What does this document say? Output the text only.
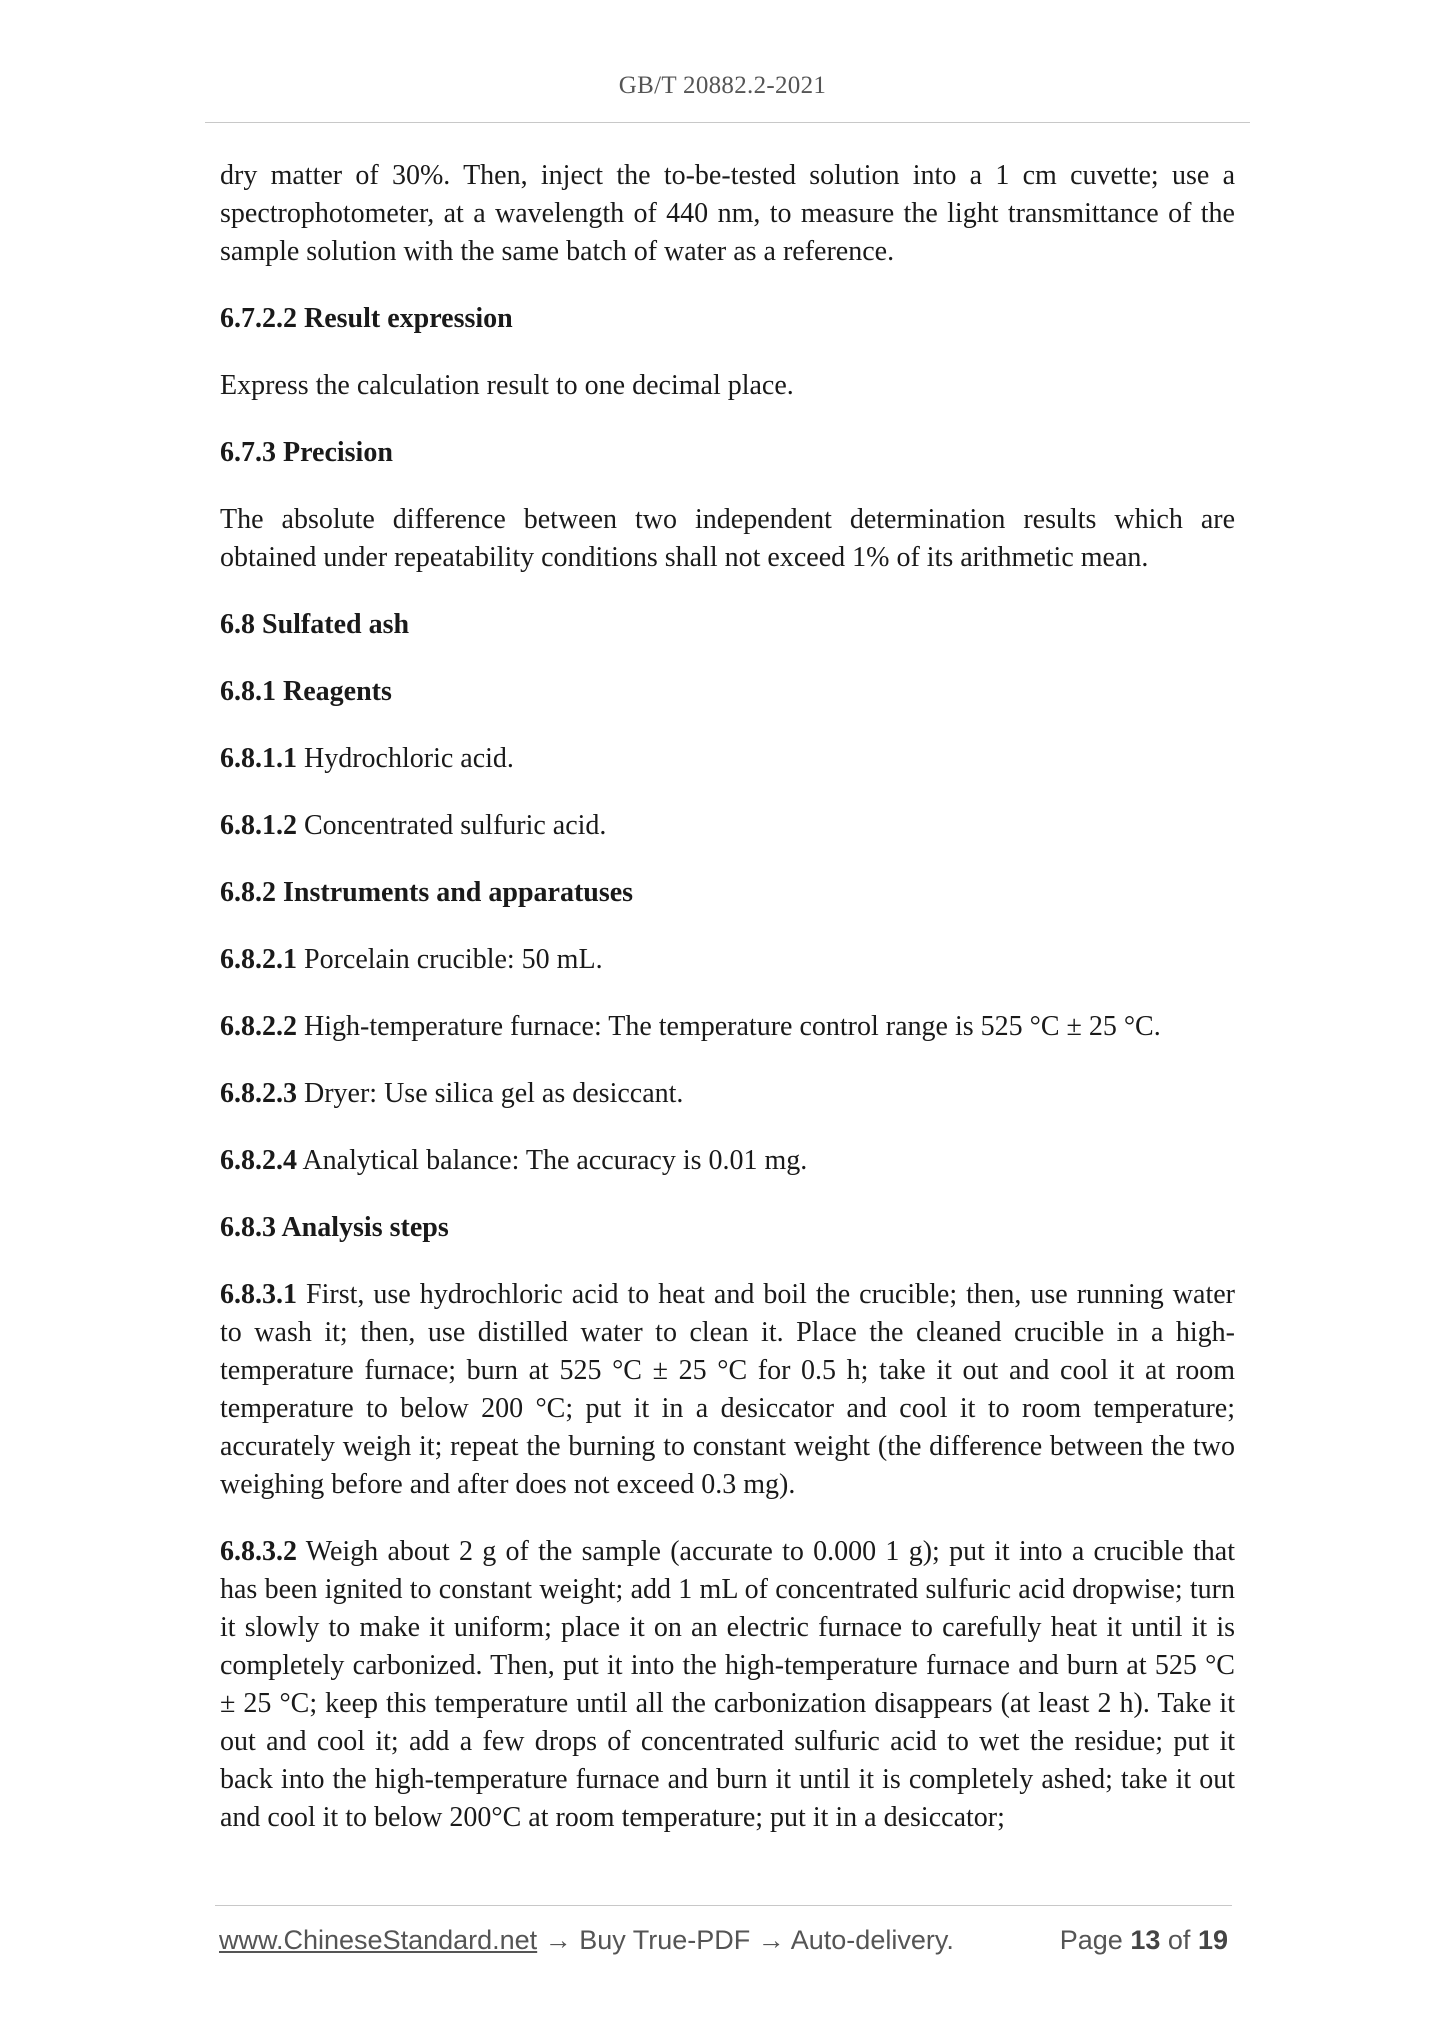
GB/T 20882.2-2021

dry matter of 30%. Then, inject the to-be-tested solution into a 1 cm cuvette; use a spectrophotometer, at a wavelength of 440 nm, to measure the light transmittance of the sample solution with the same batch of water as a reference.

6.7.2.2 Result expression

Express the calculation result to one decimal place.

6.7.3 Precision

The absolute difference between two independent determination results which are obtained under repeatability conditions shall not exceed 1% of its arithmetic mean.

6.8 Sulfated ash

6.8.1 Reagents

6.8.1.1 Hydrochloric acid.

6.8.1.2 Concentrated sulfuric acid.

6.8.2 Instruments and apparatuses

6.8.2.1 Porcelain crucible: 50 mL.

6.8.2.2 High-temperature furnace: The temperature control range is 525 °C ± 25 °C.

6.8.2.3 Dryer: Use silica gel as desiccant.

6.8.2.4 Analytical balance: The accuracy is 0.01 mg.

6.8.3 Analysis steps

6.8.3.1 First, use hydrochloric acid to heat and boil the crucible; then, use running water to wash it; then, use distilled water to clean it. Place the cleaned crucible in a high-temperature furnace; burn at 525 °C ± 25 °C for 0.5 h; take it out and cool it at room temperature to below 200 °C; put it in a desiccator and cool it to room temperature; accurately weigh it; repeat the burning to constant weight (the difference between the two weighing before and after does not exceed 0.3 mg).

6.8.3.2 Weigh about 2 g of the sample (accurate to 0.000 1 g); put it into a crucible that has been ignited to constant weight; add 1 mL of concentrated sulfuric acid dropwise; turn it slowly to make it uniform; place it on an electric furnace to carefully heat it until it is completely carbonized. Then, put it into the high-temperature furnace and burn at 525 °C ± 25 °C; keep this temperature until all the carbonization disappears (at least 2 h). Take it out and cool it; add a few drops of concentrated sulfuric acid to wet the residue; put it back into the high-temperature furnace and burn it until it is completely ashed; take it out and cool it to below 200°C at room temperature; put it in a desiccator;

www.ChineseStandard.net → Buy True-PDF → Auto-delivery.	Page 13 of 19
